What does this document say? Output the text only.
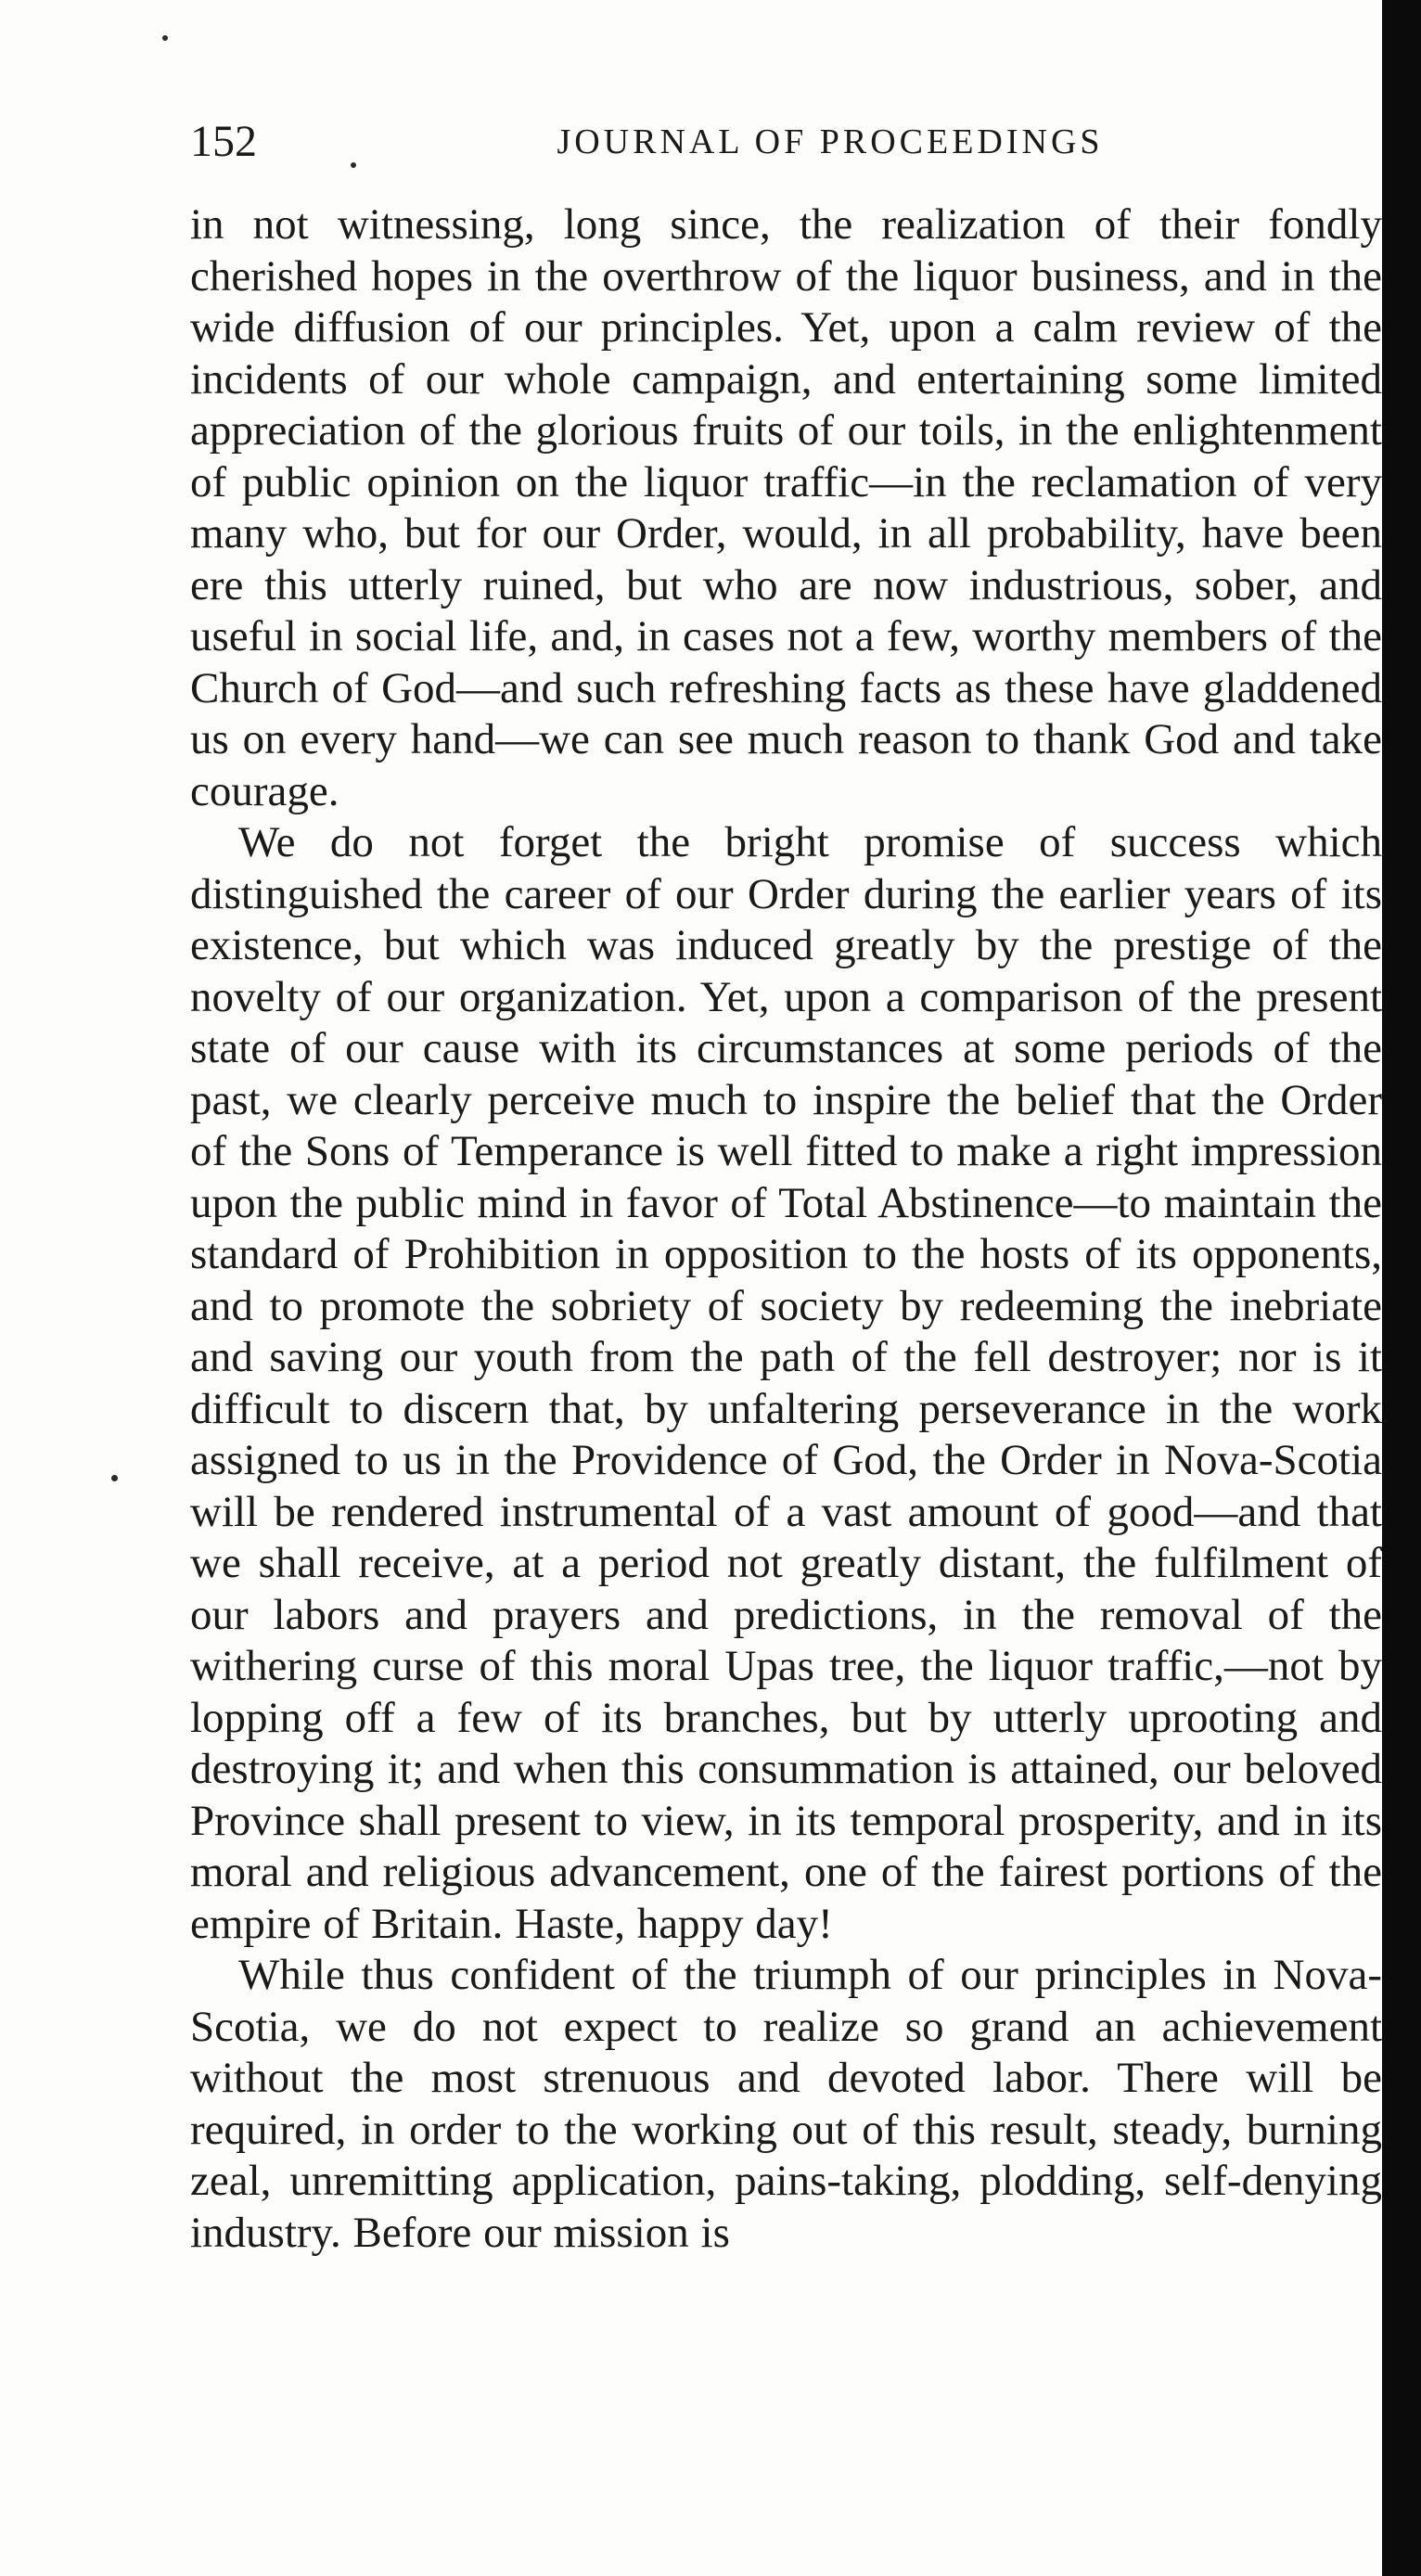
152	JOURNAL OF PROCEEDINGS

in not witnessing, long since, the realization of their fondly cherished hopes in the overthrow of the liquor business, and in the wide diffusion of our principles. Yet, upon a calm review of the incidents of our whole campaign, and entertaining some limited appreciation of the glorious fruits of our toils, in the enlightenment of public opinion on the liquor traffic—in the reclamation of very many who, but for our Order, would, in all probability, have been ere this utterly ruined, but who are now industrious, sober, and useful in social life, and, in cases not a few, worthy members of the Church of God—and such refreshing facts as these have gladdened us on every hand—we can see much reason to thank God and take courage.

We do not forget the bright promise of success which distinguished the career of our Order during the earlier years of its existence, but which was induced greatly by the prestige of the novelty of our organization. Yet, upon a comparison of the present state of our cause with its circumstances at some periods of the past, we clearly perceive much to inspire the belief that the Order of the Sons of Temperance is well fitted to make a right impression upon the public mind in favor of Total Abstinence—to maintain the standard of Prohibition in opposition to the hosts of its opponents, and to promote the sobriety of society by redeeming the inebriate and saving our youth from the path of the fell destroyer; nor is it difficult to discern that, by unfaltering perseverance in the work assigned to us in the Providence of God, the Order in Nova-Scotia will be rendered instrumental of a vast amount of good—and that we shall receive, at a period not greatly distant, the fulfilment of our labors and prayers and predictions, in the removal of the withering curse of this moral Upas tree, the liquor traffic,—not by lopping off a few of its branches, but by utterly uprooting and destroying it; and when this consummation is attained, our beloved Province shall present to view, in its temporal prosperity, and in its moral and religious advancement, one of the fairest portions of the empire of Britain. Haste, happy day!

While thus confident of the triumph of our principles in Nova-Scotia, we do not expect to realize so grand an achievement without the most strenuous and devoted labor. There will be required, in order to the working out of this result, steady, burning zeal, unremitting application, pains-taking, plodding, self-denying industry. Before our mission is
